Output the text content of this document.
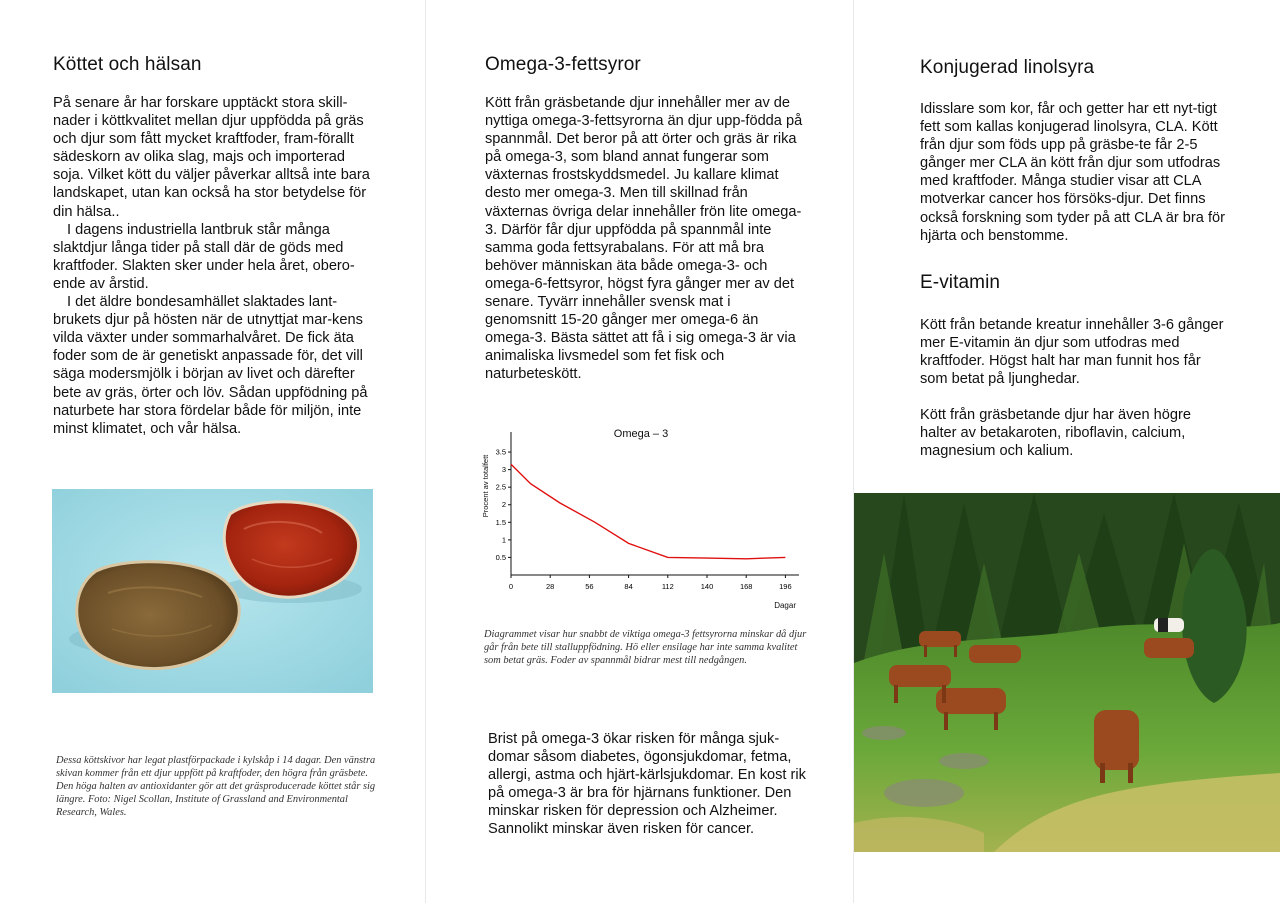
Köttet och hälsan

På senare år har forskare upptäckt stora skill-nader i köttkvalitet mellan djur uppfödda på gräs och djur som fått mycket kraftfoder, fram-förallt sädeskorn av olika slag, majs och importerad soja. Vilket kött du väljer påverkar alltså inte bara landskapet, utan kan också ha stor betydelse för din hälsa..

I dagens industriella lantbruk står många slaktdjur långa tider på stall där de göds med kraftfoder. Slakten sker under hela året, obero-ende av årstid.

I det äldre bondesamhället slaktades lant-brukets djur på hösten när de utnyttjat mar-kens vilda växter under sommarhalvåret. De fick äta foder som de är genetiskt anpassade för, det vill säga modersmjölk i början av livet och därefter bete av gräs, örter och löv. Sådan uppfödning på naturbete har stora fördelar både för miljön, inte minst klimatet, och vår hälsa.

Dessa köttskivor har legat plastförpackade i kylskåp i 14 dagar. Den vänstra skivan kommer från ett djur uppfött på kraftfoder, den högra från gräsbete. Den höga halten av antioxidanter gör att det gräsproducerade köttet står sig längre. Foto: Nigel Scollan, Institute of Grassland and Environmental Research, Wales.

Omega-3-fettsyror

Kött från gräsbetande djur innehåller mer av de nyttiga omega-3-fettsyrorna än djur upp-födda på spannmål. Det beror på att örter och gräs är rika på omega-3, som bland annat fungerar som växternas frostskyddsmedel. Ju kallare klimat desto mer omega-3. Men till skillnad från växternas övriga delar innehåller frön lite omega-3. Därför får djur uppfödda på spannmål inte samma goda fettsyrabalans. För att må bra behöver människan äta både omega-3- och omega-6-fettsyror, högst fyra gånger mer av det senare. Tyvärr innehåller svensk mat i genomsnitt 15-20 gånger mer omega-6 än omega-3. Bästa sättet att få i sig omega-3 är via animaliska livsmedel som fet fisk och naturbeteskött.

Omega – 3
Procent av totalfett
Dagar
0	28	56	84	112	140	168	196
0.5
1
1.5
2
2.5
3
3.5

Diagrammet visar hur snabbt de viktiga omega-3 fettsyrorna minskar då djur går från bete till stalluppfödning. Hö eller ensilage har inte samma kvalitet som betat gräs. Foder av spannmål bidrar mest till nedgången.

Brist på omega-3 ökar risken för många sjuk-domar såsom diabetes, ögonsjukdomar, fetma, allergi, astma och hjärt-kärlsjukdomar. En kost rik på omega-3 är bra för hjärnans funktioner. Den minskar risken för depression och Alzheimer. Sannolikt minskar även risken för cancer.

Konjugerad linolsyra

Idisslare som kor, får och getter har ett nyt-tigt fett som kallas konjugerad linolsyra, CLA. Kött från djur som föds upp på gräsbe-te får 2-5 gånger mer CLA än kött från djur som utfodras med kraftfoder. Många studier visar att CLA motverkar cancer hos försöks-djur. Det finns också forskning som tyder på att CLA är bra för hjärta och benstomme.

E-vitamin

Kött från betande kreatur innehåller 3-6 gånger mer E-vitamin än djur som utfodras med kraftfoder. Högst halt har man funnit hos får som betat på ljunghedar.

Kött från gräsbetande djur har även högre halter av betakaroten, riboflavin, calcium, magnesium och kalium.
